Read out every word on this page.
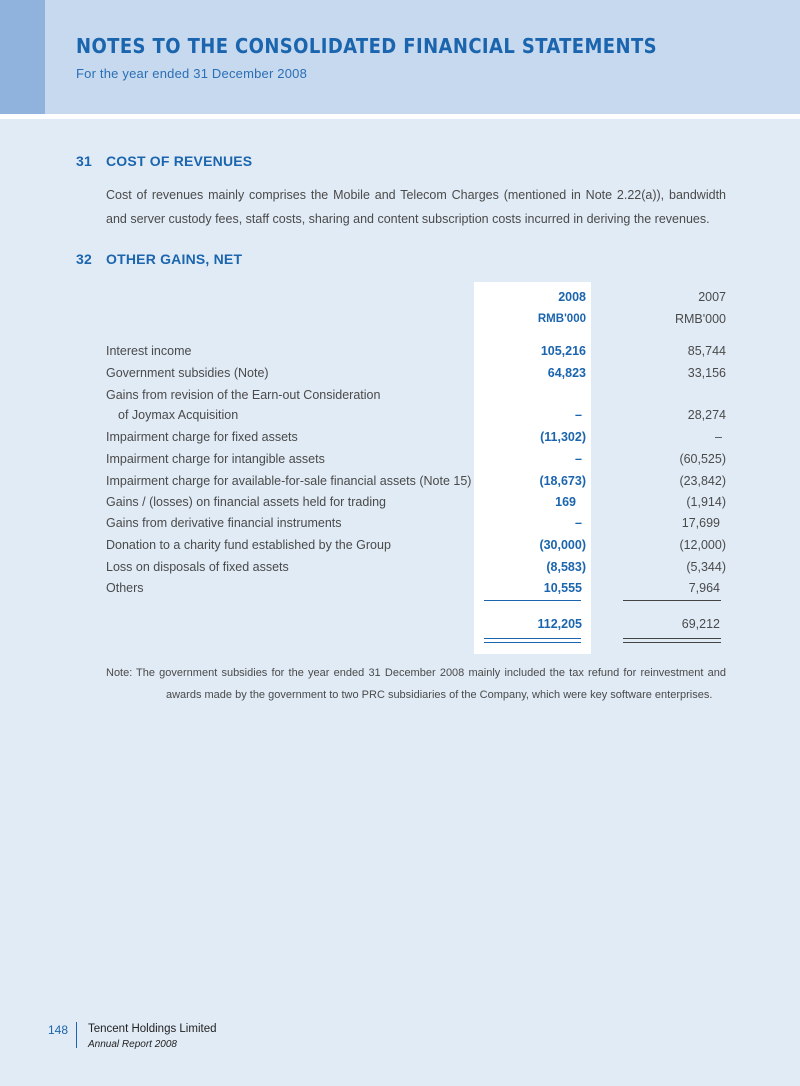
NOTES TO THE CONSOLIDATED FINANCIAL STATEMENTS
For the year ended 31 December 2008
31 COST OF REVENUES
Cost of revenues mainly comprises the Mobile and Telecom Charges (mentioned in Note 2.22(a)), bandwidth and server custody fees, staff costs, sharing and content subscription costs incurred in deriving the revenues.
32 OTHER GAINS, NET
2008	2007
RMB'000	RMB'000
Interest income	105,216	85,744
Government subsidies (Note)	64,823	33,156
Gains from revision of the Earn-out Consideration
of Joymax Acquisition	–	28,274
Impairment charge for fixed assets	(11,302)	–
Impairment charge for intangible assets	–	(60,525)
Impairment charge for available-for-sale financial assets (Note 15)	(18,673)	(23,842)
Gains / (losses) on financial assets held for trading	169	(1,914)
Gains from derivative financial instruments	–	17,699
Donation to a charity fund established by the Group	(30,000)	(12,000)
Loss on disposals of fixed assets	(8,583)	(5,344)
Others	10,555	7,964
112,205	69,212
Note: The government subsidies for the year ended 31 December 2008 mainly included the tax refund for reinvestment and awards made by the government to two PRC subsidiaries of the Company, which were key software enterprises.
148 Tencent Holdings Limited
Annual Report 2008
